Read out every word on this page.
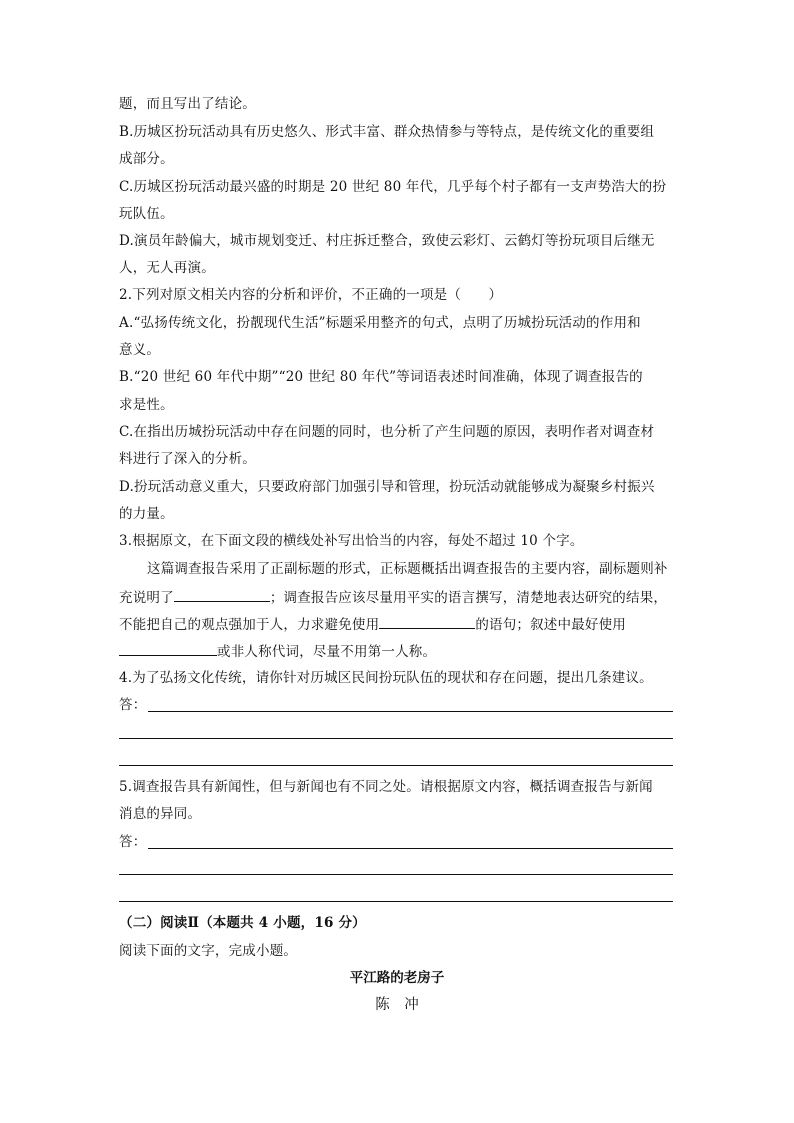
题，而且写出了结论。
B.历城区扮玩活动具有历史悠久、形式丰富、群众热情参与等特点，是传统文化的重要组
成部分。
C.历城区扮玩活动最兴盛的时期是 20 世纪 80 年代，几乎每个村子都有一支声势浩大的扮
玩队伍。
D.演员年龄偏大，城市规划变迁、村庄拆迁整合，致使云彩灯、云鹤灯等扮玩项目后继无
人，无人再演。
2.下列对原文相关内容的分析和评价，不正确的一项是（　　）
A.“弘扬传统文化，扮靓现代生活”标题采用整齐的句式，点明了历城扮玩活动的作用和
意义。
B.“20 世纪 60 年代中期”“20 世纪 80 年代”等词语表述时间准确，体现了调查报告的
求是性。
C.在指出历城扮玩活动中存在问题的同时，也分析了产生问题的原因，表明作者对调查材
料进行了深入的分析。
D.扮玩活动意义重大，只要政府部门加强引导和管理，扮玩活动就能够成为凝聚乡村振兴
的力量。
3.根据原文，在下面文段的横线处补写出恰当的内容，每处不超过 10 个字。
这篇调查报告采用了正副标题的形式，正标题概括出调查报告的主要内容，副标题则补
充说明了	；调查报告应该尽量用平实的语言撰写，清楚地表达研究的结果，
不能把自己的观点强加于人，力求避免使用	的语句；叙述中最好使用
或非人称代词，尽量不用第一人称。
4.为了弘扬文化传统，请你针对历城区民间扮玩队伍的现状和存在问题，提出几条建议。
答：
5.调查报告具有新闻性，但与新闻也有不同之处。请根据原文内容，概括调查报告与新闻
消息的异同。
答：
（二）阅读Ⅱ（本题共 4 小题，16 分）
阅读下面的文字，完成小题。
平江路的老房子
陈　冲
